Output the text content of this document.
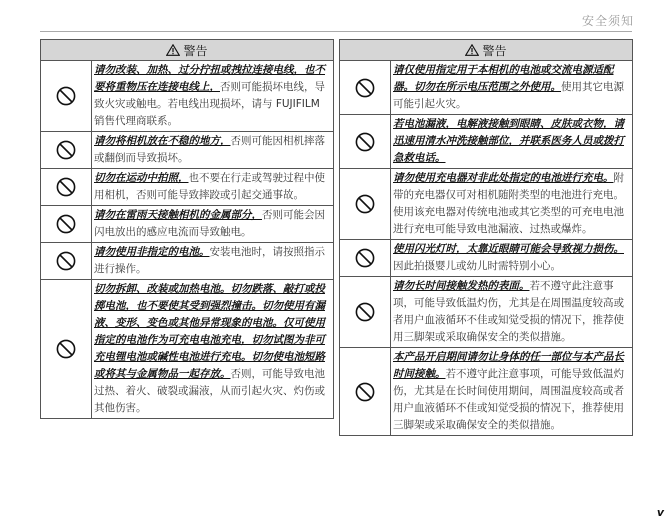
安全须知
警告
请勿改装、加热、过分拧扭或拽拉连接电线，也不要将重物压在连接电线上，否则可能损坏电线，导致火灾或触电。若电线出现损坏，请与 FUJIFILM 销售代理商联系。
请勿将相机放在不稳的地方，否则可能因相机摔落或翻倒而导致损坏。
切勿在运动中拍照，也不要在行走或驾驶过程中使用相机，否则可能导致摔跤或引起交通事故。
请勿在雷雨天接触相机的金属部分，否则可能会因闪电放出的感应电流而导致触电。
请勿使用非指定的电池。安装电池时，请按照指示进行操作。
切勿拆卸、改装或加热电池。切勿跌落、敲打或投掷电池，也不要使其受到强烈撞击。切勿使用有漏液、变形、变色或其他异常现象的电池。仅可使用指定的电池作为可充电电池充电，切勿试图为非可充电锂电池或碱性电池进行充电。切勿使电池短路或将其与金属物品一起存放。否则，可能导致电池过热、着火、破裂或漏液，从而引起火灾、灼伤或其他伤害。
警告
请仅使用指定用于本相机的电池或交流电源适配器。切勿在所示电压范围之外使用。使用其它电源可能引起火灾。
若电池漏液，电解液接触到眼睛、皮肤或衣物，请迅速用清水冲洗接触部位，并联系医务人员或拨打急救电话。
请勿使用充电器对非此处指定的电池进行充电。附带的充电器仅可对相机随附类型的电池进行充电。使用该充电器对传统电池或其它类型的可充电电池进行充电可能导致电池漏液、过热或爆炸。
使用闪光灯时，太靠近眼睛可能会导致视力损伤。因此拍摄婴儿或幼儿时需特别小心。
请勿长时间接触发热的表面。若不遵守此注意事项，可能导致低温灼伤，尤其是在周围温度较高或者用户血液循环不佳或知觉受损的情况下，推荐使用三脚架或采取确保安全的类似措施。
本产品开启期间请勿让身体的任一部位与本产品长时间接触。若不遵守此注意事项，可能导致低温灼伤，尤其是在长时间使用期间，周围温度较高或者用户血液循环不佳或知觉受损的情况下，推荐使用三脚架或采取确保安全的类似措施。
v
